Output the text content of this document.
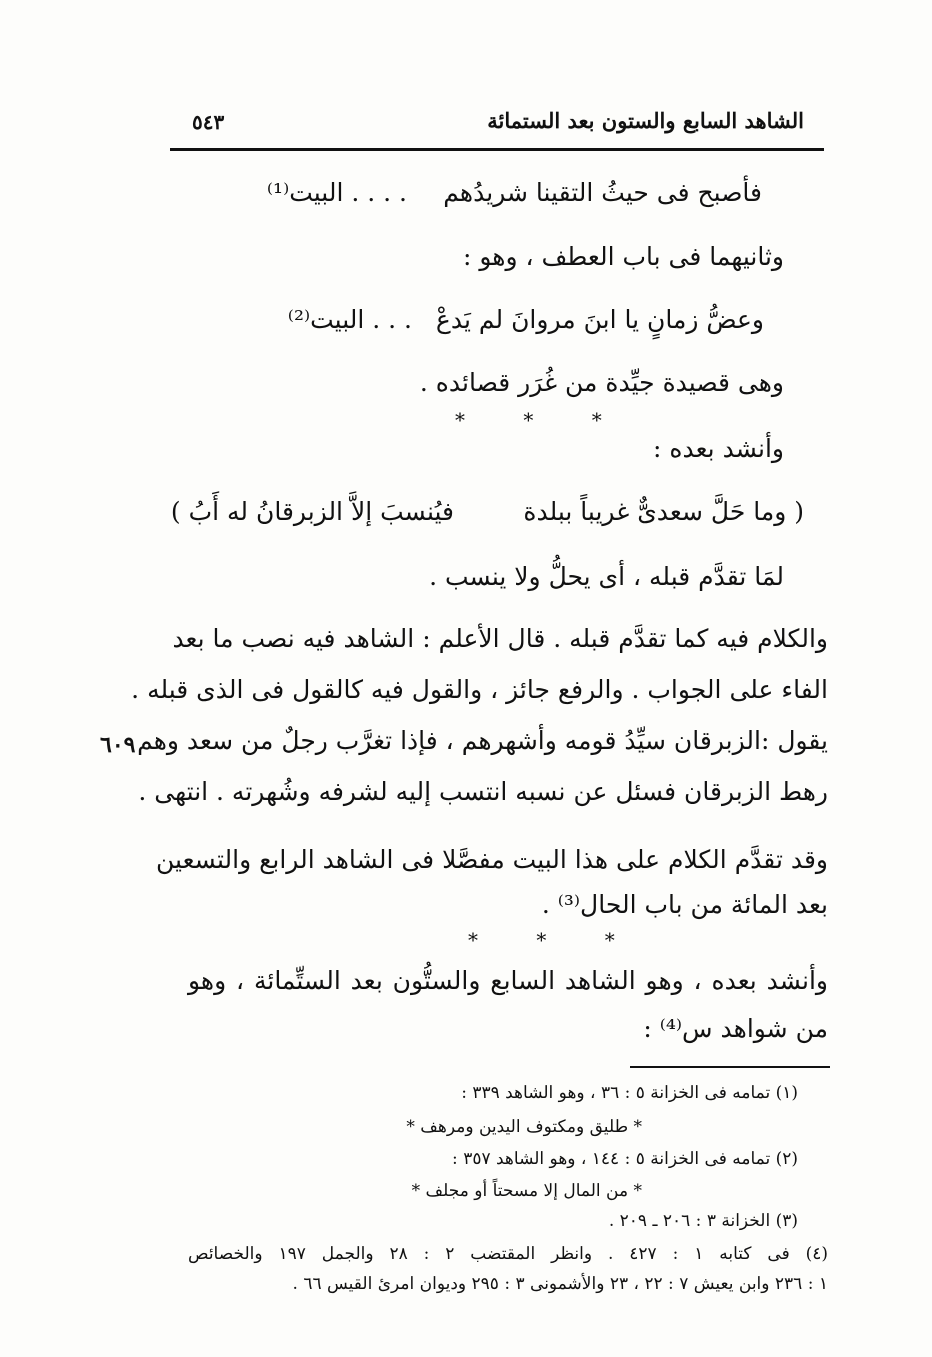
الشاهد السابع والستون بعد الستمائة
٥٤٣
فأصبح فى حيثُ التقينا شريدُهم
. . . . البيت⁽¹⁾
وثانيهما فى باب العطف ، وهو :
وعضُّ زمانٍ يا ابنَ مروانَ لم يَدعْ
. . . البيت⁽²⁾
وهى قصيدة جيِّدة من غُرَر قصائده .
* * *
وأنشد بعده :
( وما حَلَّ سعدىٌّ غريباً ببلدة
فيُنسبَ إلاَّ الزبرقانُ له أَبُ )
لمَا تقدَّم قبله ، أى يحلُّ ولا ينسب .
والكلام فيه كما تقدَّم قبله . قال الأعلم : الشاهد فيه نصب ما بعد
الفاء على الجواب . والرفع جائز ، والقول فيه كالقول فى الذى قبله .
يقول :الزبرقان سيِّدُ قومه وأشهرهم ، فإذا تغرَّب رجلٌ من سعد وهم
رهط الزبرقان فسئل عن نسبه انتسب إليه لشرفه وشُهرته . انتهى .
٦٠٩
وقد تقدَّم الكلام على هذا البيت مفصَّلا فى الشاهد الرابع والتسعين
بعد المائة من باب الحال⁽³⁾ .
* * *
وأنشد بعده ، وهو الشاهد السابع والستُّون بعد الستِّمائة ، وهو
من شواهد س⁽⁴⁾ :
(١) تمامه فى الخزانة ٥ : ٣٦ ، وهو الشاهد ٣٣٩ :
* طليق ومكتوف اليدين ومرهف *
(٢) تمامه فى الخزانة ٥ : ١٤٤ ، وهو الشاهد ٣٥٧ :
* من المال إلا مسحتاً أو مجلف *
(٣) الخزانة ٣ : ٢٠٦ ـ ٢٠٩ .
(٤) فى كتابه ١ : ٤٢٧ . وانظر المقتضب ٢ : ٢٨ والجمل ١٩٧ والخصائص
١ : ٢٣٦ وابن يعيش ٧ : ٢٢ ، ٢٣ والأشمونى ٣ : ٢٩٥ وديوان امرئ القيس ٦٦ .
